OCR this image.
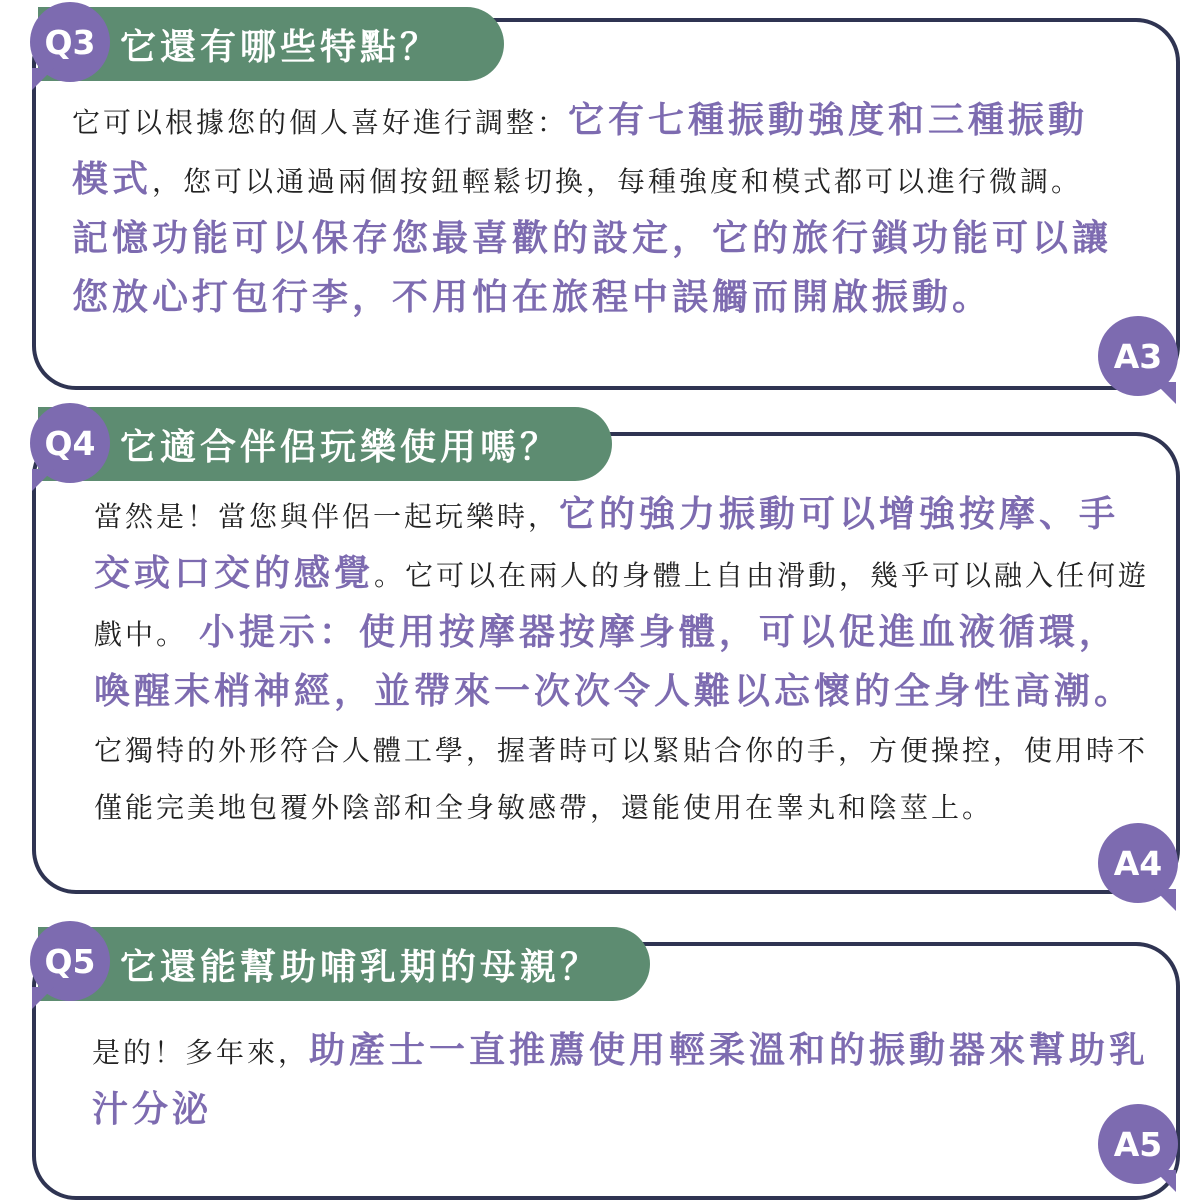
它還有哪些特點？
Q3

它可以根據您的個人喜好進行調整：它有七種振動強度和三種振動模式，您可以通過兩個按鈕輕鬆切換，每種強度和模式都可以進行微調。記憶功能可以保存您最喜歡的設定，它的旅行鎖功能可以讓您放心打包行李，不用怕在旅程中誤觸而開啟振動。

A3
它適合伴侶玩樂使用嗎？
Q4

當然是！當您與伴侶一起玩樂時，它的強力振動可以增強按摩、手交或口交的感覺。它可以在兩人的身體上自由滑動，幾乎可以融入任何遊戲中。 小提示：使用按摩器按摩身體，可以促進血液循環，喚醒末梢神經，並帶來一次次令人難以忘懷的全身性高潮。 它獨特的外形符合人體工學，握著時可以緊貼合你的手，方便操控，使用時不僅能完美地包覆外陰部和全身敏感帶，還能使用在睾丸和陰莖上。

A4
它還能幫助哺乳期的母親？
Q5

是的！多年來，助產士一直推薦使用輕柔溫和的振動器來幫助乳汁分泌

A5
